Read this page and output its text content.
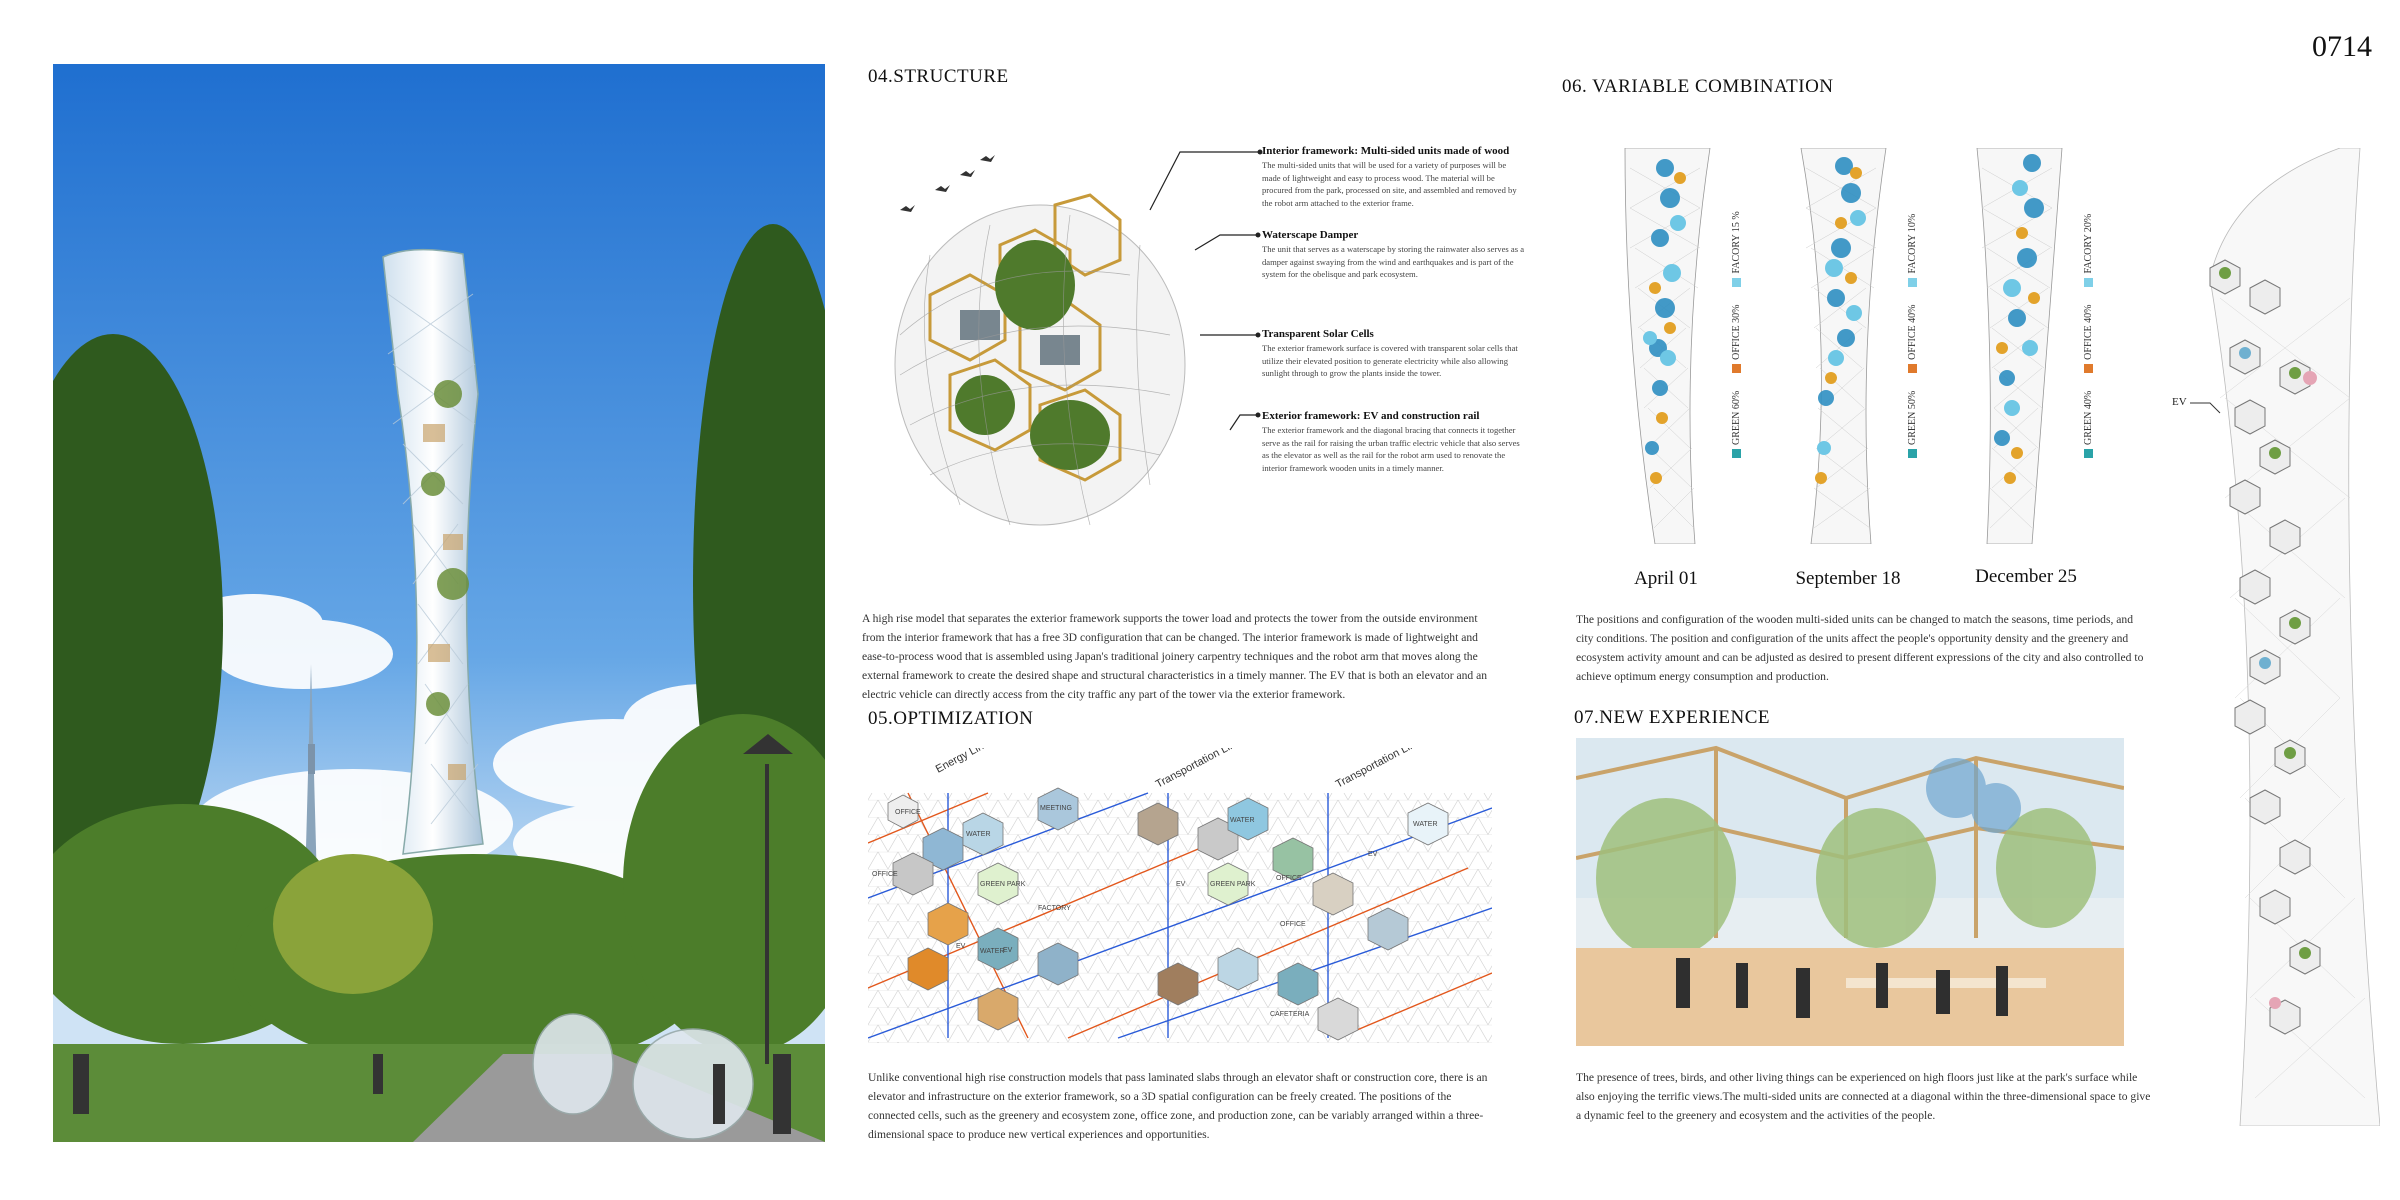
0714
04.STRUCTURE
Interior framework: Multi-sided units made of wood
The multi-sided units that will be used for a variety of purposes will be made of lightweight and easy to process wood. The material will be procured from the park, processed on site, and assembled and removed by the robot arm attached to the exterior frame.
Waterscape Damper
The unit that serves as a waterscape by storing the rainwater also serves as a damper against swaying from the wind and earthquakes and is part of the system for the obelisque and park ecosystem.
Transparent Solar Cells
The exterior framework surface is covered with transparent solar cells that utilize their elevated position to generate electricity while also allowing sunlight through to grow the plants inside the tower.
Exterior framework: EV and construction rail
The exterior framework and the diagonal bracing that connects it together serve as the rail for raising the urban traffic electric vehicle that also serves as the elevator as well as the rail for the robot arm used to renovate the interior framework wooden units in a timely manner.
A high rise model that separates the exterior framework supports the tower load and protects the tower from the outside environment from the interior framework that has a free 3D configuration that can be changed. The interior framework is made of lightweight and ease-to-process wood that is assembled using Japan's traditional joinery carpentry techniques and the robot arm that moves along the external framework to create the desired shape and structural characteristics in a timely manner. The EV that is both an elevator and an electric vehicle can directly access from the city traffic any part of the tower via the exterior framework.
05.OPTIMIZATION
Energy Line	Transportation Line	Transportation Line
OFFICE
WATER
OFFICE
GREEN PARK
MEETING
FACTORY
WATER
EV
EV
WATER
GREEN PARK
OFFICE
OFFICE
CAFETERIA
WATER
EV
EV
Unlike conventional high rise construction models that pass laminated slabs through an elevator shaft or construction core, there is an elevator and infrastructure on the exterior framework, so a 3D spatial configuration can be freely created. The positions of the connected cells, such as the greenery and ecosystem zone, office zone, and production zone, can be variably arranged within a three-dimensional space to produce new vertical experiences and opportunities.
06. VARIABLE COMBINATION
GREEN 60% OFFICE 30% FACORY 15 %
GREEN 50% OFFICE 40% FACORY 10%
GREEN 40% OFFICE 40% FACORY 20%
April 01	September 18	December 25
The positions and configuration of the wooden multi-sided units can be changed to match the seasons, time periods, and city conditions. The position and configuration of the units affect the people's opportunity density and the greenery and ecosystem activity amount and can be adjusted as desired to present different expressions of the city and also controlled to achieve optimum energy consumption and production.
07.NEW EXPERIENCE
The presence of trees, birds, and other living things can be experienced on high floors just like at the park's surface while also enjoying the terrific views.The multi-sided units are connected at a diagonal within the three-dimensional space to give a dynamic feel to the greenery and ecosystem and the activities of the people.
EV
